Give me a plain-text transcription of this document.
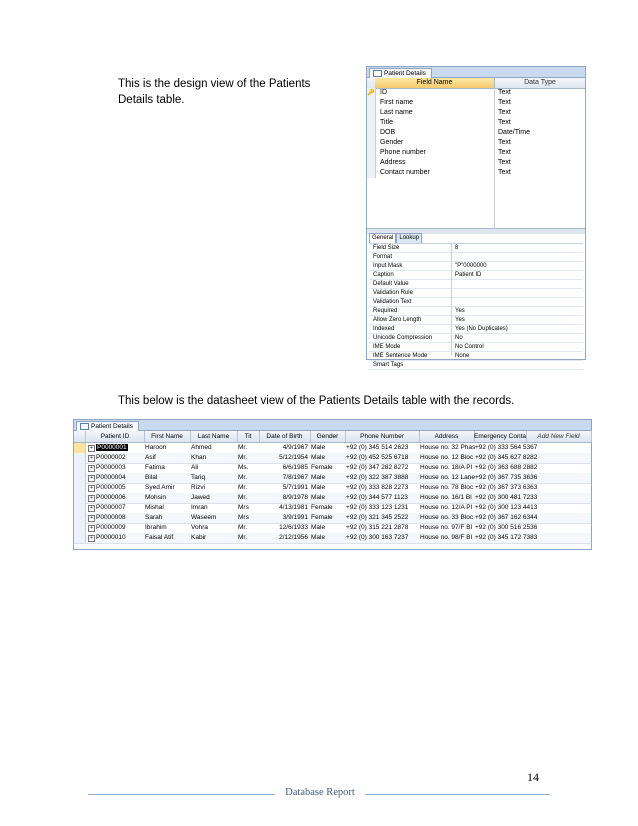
This is the design view of the Patients Details table.
Patient Details
Field Name	Data Type
🔑 ID	Text
First name	Text
Last name	Text
Title	Text
DOB	Date/Time
Gender	Text
Phone number	Text
Address	Text
Contact number	Text
General Lookup
Field Size	8
Format
Input Mask	"P"0000000
Caption	Patient ID
Default Value
Validation Rule
Validation Text
Required	Yes
Allow Zero Length	Yes
Indexed	Yes (No Duplicates)
Unicode Compression	No
IME Mode	No Control
IME Sentence Mode	None
Smart Tags
This below is the datasheet view of the Patients Details table with the records.
Patient Details
Patient ID	First Name	Last Name	Tit	Date of Birth	Gender	Phone Number	Address	Emergency Conta	Add New Field
+ P0000001	Haroon	Ahmed	Mr.	4/9/1967 Male	+92 (0) 345 514 2623	House no. 32 Phas +92 (0) 333 564 5367
+ P0000002	Asif	Khan	Mr.	5/12/1954 Male	+92 (0) 452 525 6718	House no. 12 Bloc +92 (0) 345 627 8282
+ P0000003	Fatima	Ali	Ms.	6/6/1985 Female	+92 (0) 347 282 8272	House no. 18/A Pl +92 (0) 363 688 2882
+ P0000004	Bilal	Tariq	Mr.	7/8/1967 Male	+92 (0) 322 387 3888	House no. 12 Lane +92 (0) 367 735 3636
+ P0000005	Syed Amir	Rizvi	Mr.	5/7/1991 Male	+92 (0) 333 828 2273	House no. 78 Bloc +92 (0) 367 373 6363
+ P0000006	Mohsin	Jawed	Mr.	8/9/1978 Male	+92 (0) 344 577 1123	House no. 16/1 Bl +92 (0) 300 481 7233
+ P0000007	Mishal	Imran	Mrs	4/13/1981 Female	+92 (0) 333 123 1231	House no. 12/A Pl +92 (0) 300 123 4413
+ P0000008	Sarah	Waseem	Mrs	3/9/1991 Female	+92 (0) 321 345 2522	House no. 33 Bloc +92 (0) 367 162 6344
+ P0000009	Ibrahim	Vohra	Mr.	12/6/1933 Male	+92 (0) 315 221 2878	House no. 97/F Bl +92 (0) 300 516 2536
+ P0000010	Faisal Atif	Kabir	Mr.	2/12/1956 Male	+92 (0) 300 163 7237	House no. 98/F Bl +92 (0) 345 172 7383
14
Database Report
